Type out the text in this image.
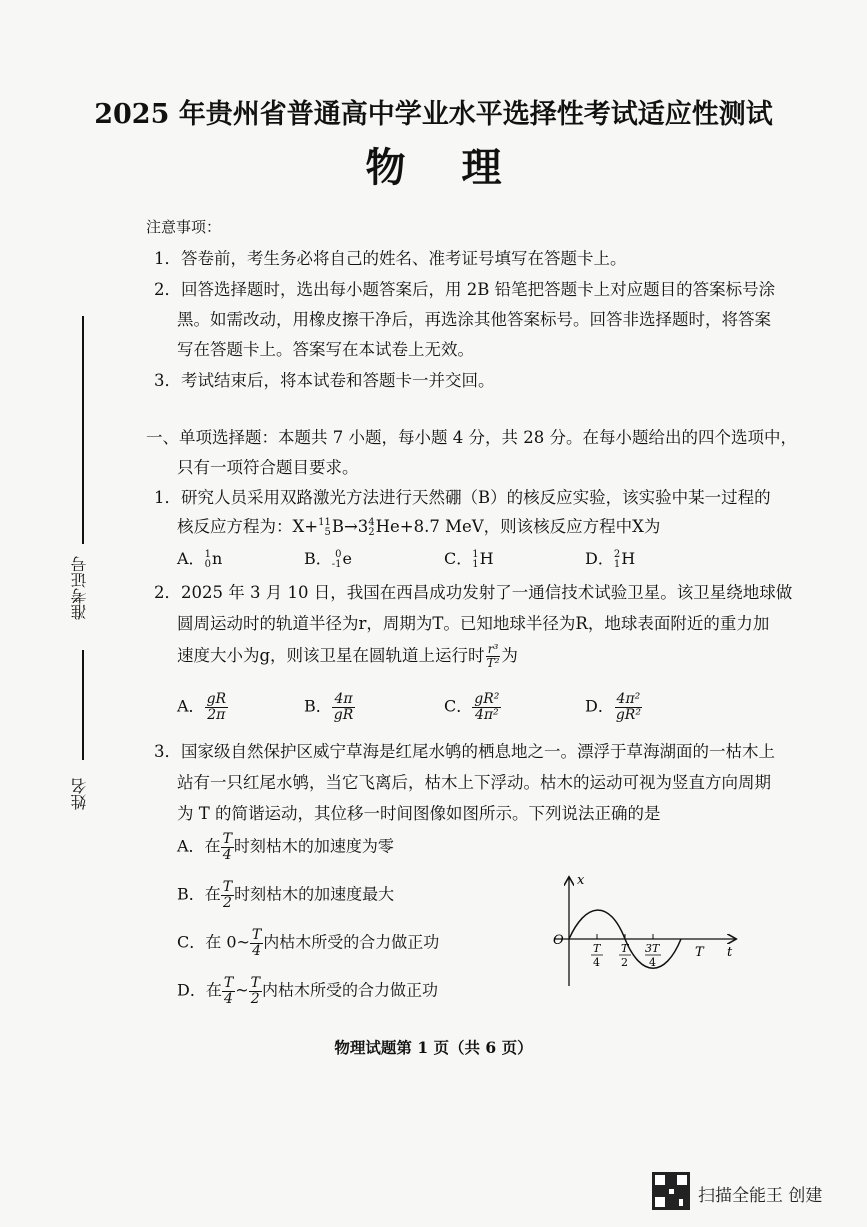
准考证号
姓名
2025 年贵州省普通高中学业水平选择性考试适应性测试
物理
注意事项：
1．答卷前，考生务必将自己的姓名、准考证号填写在答题卡上。
2．回答选择题时，选出每小题答案后，用 2B 铅笔把答题卡上对应题目的答案标号涂
黑。如需改动，用橡皮擦干净后，再选涂其他答案标号。回答非选择题时，将答案
写在答题卡上。答案写在本试卷上无效。
3．考试结束后，将本试卷和答题卡一并交回。
一、单项选择题：本题共 7 小题，每小题 4 分，共 28 分。在每小题给出的四个选项中，
只有一项符合题目要求。
1．研究人员采用双路激光方法进行天然硼（B）的核反应实验，该实验中某一过程的
核反应方程为：X+ 11
5 B→3 4
2 He+8.7 MeV，则该核反应方程中X为
A． 1
0 n	B． 0
-1 e	C． 1
1 H	D． 2
1 H
2．2025 年 3 月 10 日，我国在西昌成功发射了一通信技术试验卫星。该卫星绕地球做
圆周运动时的轨道半径为r，周期为T。已知地球半径为R，地球表面附近的重力加
速度大小为g，则该卫星在圆轨道上运行时 $\frac{\text{r³}}{\text{T²}}$ 为
A． $\frac{gR}{2\pi}$	B． $\frac{4\pi}{gR}$	C． $\frac{\text{gR²}}{\text{4π²}}$	D． $\frac{\text{4π²}}{\text{gR²}}$
3．国家级自然保护区威宁草海是红尾水鸲的栖息地之一。漂浮于草海湖面的一枯木上
站有一只红尾水鸲，当它飞离后，枯木上下浮动。枯木的运动可视为竖直方向周期
为 T 的简谐运动，其位移一时间图像如图所示。下列说法正确的是
A．在 $\frac{T}{4}$ 时刻枯木的加速度为零
B．在 $\frac{T}{2}$ 时刻枯木的加速度最大
C．在 0~ $\frac{T}{4}$ 内枯木所受的合力做正功
D．在 $\frac{T}{4}$ ~ $\frac{T}{2}$ 内枯木所受的合力做正功
x
t
O
T
4
T
2
3T
4
T
物理试题第 1 页（共 6 页）
扫描全能王 创建
